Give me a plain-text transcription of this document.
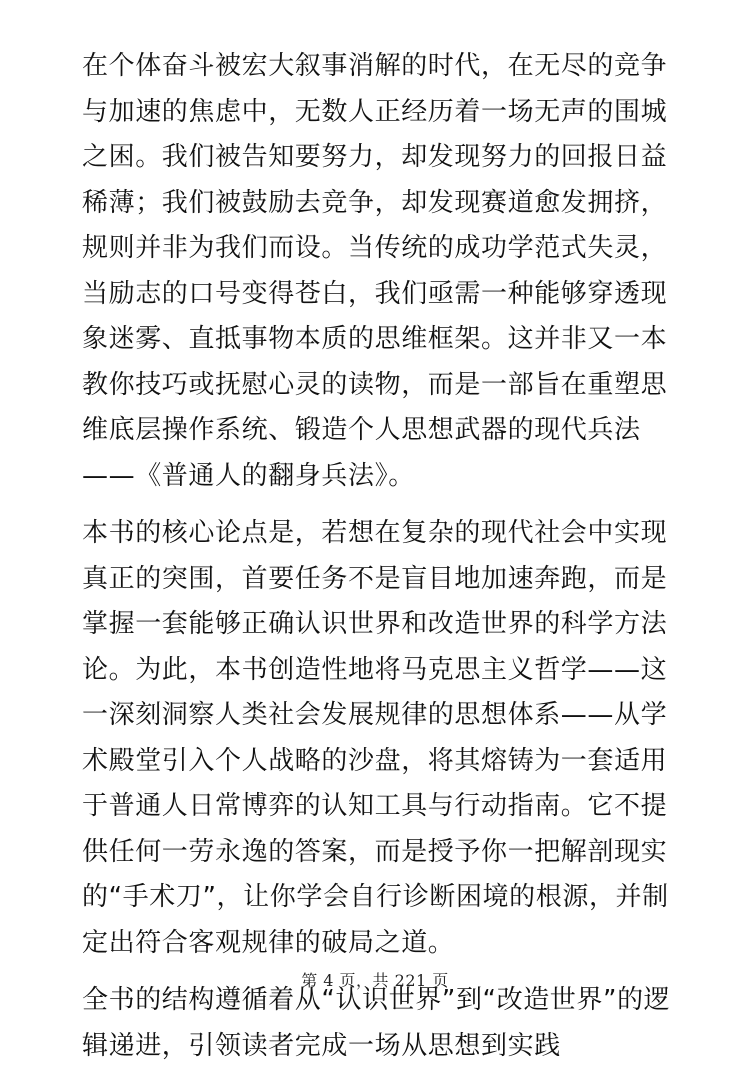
在个体奋斗被宏大叙事消解的时代，在无尽的竞争与加速的焦虑中，无数人正经历着一场无声的围城之困。我们被告知要努力，却发现努力的回报日益稀薄；我们被鼓励去竞争，却发现赛道愈发拥挤，规则并非为我们而设。当传统的成功学范式失灵，当励志的口号变得苍白，我们亟需一种能够穿透现象迷雾、直抵事物本质的思维框架。这并非又一本教你技巧或抚慰心灵的读物，而是一部旨在重塑思维底层操作系统、锻造个人思想武器的现代兵法——《普通人的翻身兵法》。

本书的核心论点是，若想在复杂的现代社会中实现真正的突围，首要任务不是盲目地加速奔跑，而是掌握一套能够正确认识世界和改造世界的科学方法论。为此，本书创造性地将马克思主义哲学——这一深刻洞察人类社会发展规律的思想体系——从学术殿堂引入个人战略的沙盘，将其熔铸为一套适用于普通人日常博弈的认知工具与行动指南。它不提供任何一劳永逸的答案，而是授予你一把解剖现实的“手术刀”，让你学会自行诊断困境的根源，并制定出符合客观规律的破局之道。

全书的结构遵循着从“认识世界”到“改造世界”的逻辑递进，引领读者完成一场从思想到实践

第 4 页，共 221 页
